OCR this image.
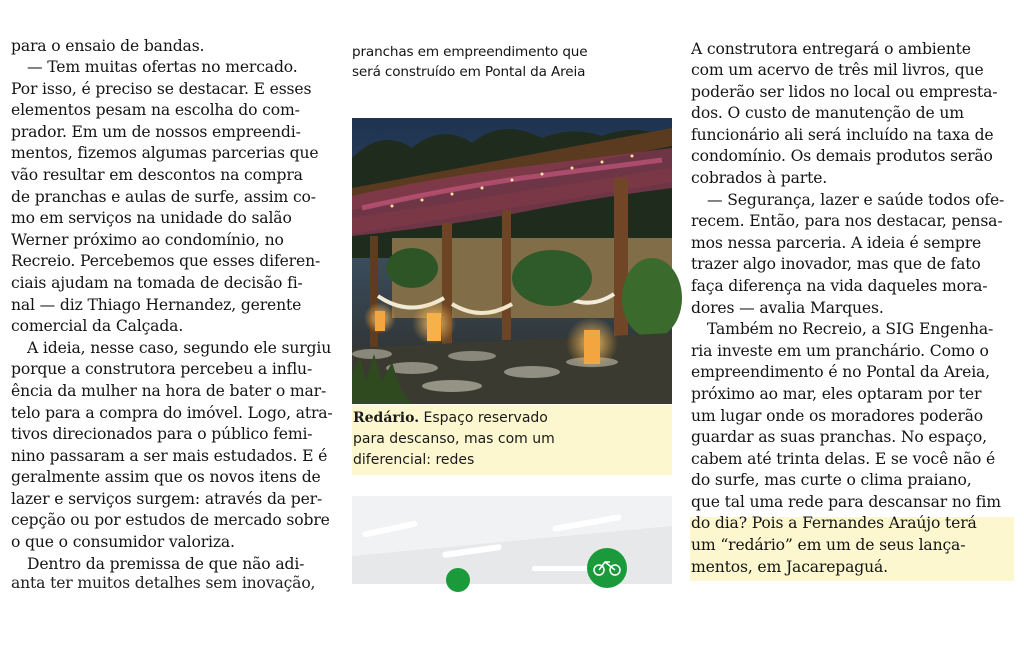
para o ensaio de bandas.
— Tem muitas ofertas no mercado.
Por isso, é preciso se destacar. E esses
elementos pesam na escolha do com-
prador. Em um de nossos empreendi-
mentos, fizemos algumas parcerias que
vão resultar em descontos na compra
de pranchas e aulas de surfe, assim co-
mo em serviços na unidade do salão
Werner próximo ao condomínio, no
Recreio. Percebemos que esses diferen-
ciais ajudam na tomada de decisão fi-
nal — diz Thiago Hernandez, gerente
comercial da Calçada.
A ideia, nesse caso, segundo ele surgiu
porque a construtora percebeu a influ-
ência da mulher na hora de bater o mar-
telo para a compra do imóvel. Logo, atra-
tivos direcionados para o público femi-
nino passaram a ser mais estudados. E é
geralmente assim que os novos itens de
lazer e serviços surgem: através da per-
cepção ou por estudos de mercado sobre
o que o consumidor valoriza.
Dentro da premissa de que não adi-
anta ter muitos detalhes sem inovação,
pranchas em empreendimento que
será construído em Pontal da Areia
Redário. Espaço reservado
para descanso, mas com um
diferencial: redes
A construtora entregará o ambiente
com um acervo de três mil livros, que
poderão ser lidos no local ou empresta-
dos. O custo de manutenção de um
funcionário ali será incluído na taxa de
condomínio. Os demais produtos serão
cobrados à parte.
— Segurança, lazer e saúde todos ofe-
recem. Então, para nos destacar, pensa-
mos nessa parceria. A ideia é sempre
trazer algo inovador, mas que de fato
faça diferença na vida daqueles mora-
dores — avalia Marques.
Também no Recreio, a SIG Engenha-
ria investe em um pranchário. Como o
empreendimento é no Pontal da Areia,
próximo ao mar, eles optaram por ter
um lugar onde os moradores poderão
guardar as suas pranchas. No espaço,
cabem até trinta delas. E se você não é
do surfe, mas curte o clima praiano,
que tal uma rede para descansar no fim
do dia? Pois a Fernandes Araújo terá
um “redário” em um de seus lança-
mentos, em Jacarepaguá.
